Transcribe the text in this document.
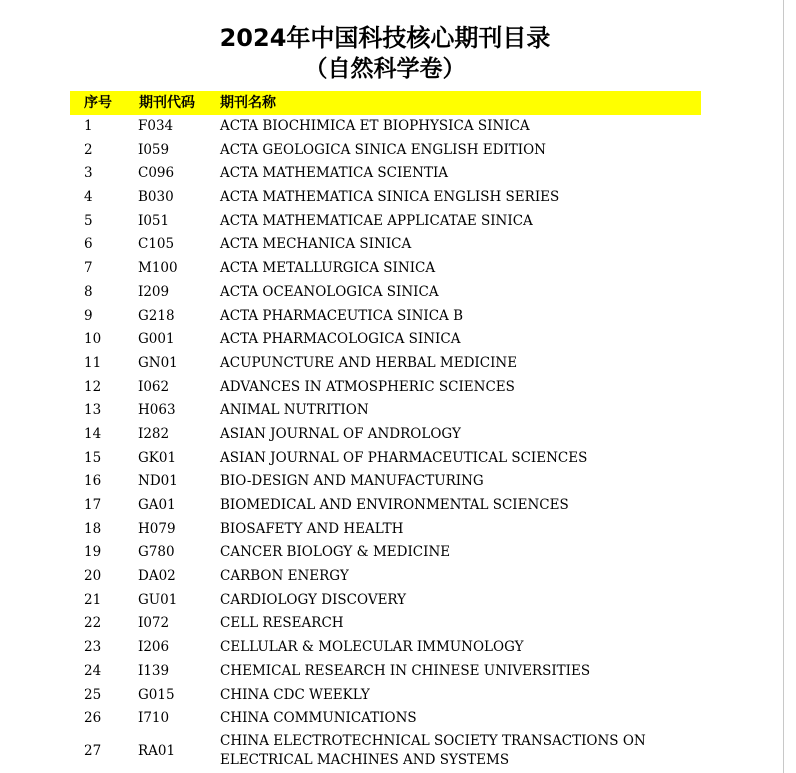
2024年中国科技核心期刊目录
（自然科学卷）
序号 期刊代码 期刊名称
1	F034	ACTA BIOCHIMICA ET BIOPHYSICA SINICA
2	I059	ACTA GEOLOGICA SINICA ENGLISH EDITION
3	C096	ACTA MATHEMATICA SCIENTIA
4	B030	ACTA MATHEMATICA SINICA ENGLISH SERIES
5	I051	ACTA MATHEMATICAE APPLICATAE SINICA
6	C105	ACTA MECHANICA SINICA
7	M100	ACTA METALLURGICA SINICA
8	I209	ACTA OCEANOLOGICA SINICA
9	G218	ACTA PHARMACEUTICA SINICA B
10	G001	ACTA PHARMACOLOGICA SINICA
11	GN01	ACUPUNCTURE AND HERBAL MEDICINE
12	I062	ADVANCES IN ATMOSPHERIC SCIENCES
13	H063	ANIMAL NUTRITION
14	I282	ASIAN JOURNAL OF ANDROLOGY
15	GK01	ASIAN JOURNAL OF PHARMACEUTICAL SCIENCES
16	ND01	BIO-DESIGN AND MANUFACTURING
17	GA01	BIOMEDICAL AND ENVIRONMENTAL SCIENCES
18	H079	BIOSAFETY AND HEALTH
19	G780	CANCER BIOLOGY & MEDICINE
20	DA02	CARBON ENERGY
21	GU01	CARDIOLOGY DISCOVERY
22	I072	CELL RESEARCH
23	I206	CELLULAR & MOLECULAR IMMUNOLOGY
24	I139	CHEMICAL RESEARCH IN CHINESE UNIVERSITIES
25	G015	CHINA CDC WEEKLY
26	I710	CHINA COMMUNICATIONS
27	RA01
CHINA ELECTROTECHNICAL SOCIETY TRANSACTIONS ON ELECTRICAL MACHINES AND SYSTEMS
